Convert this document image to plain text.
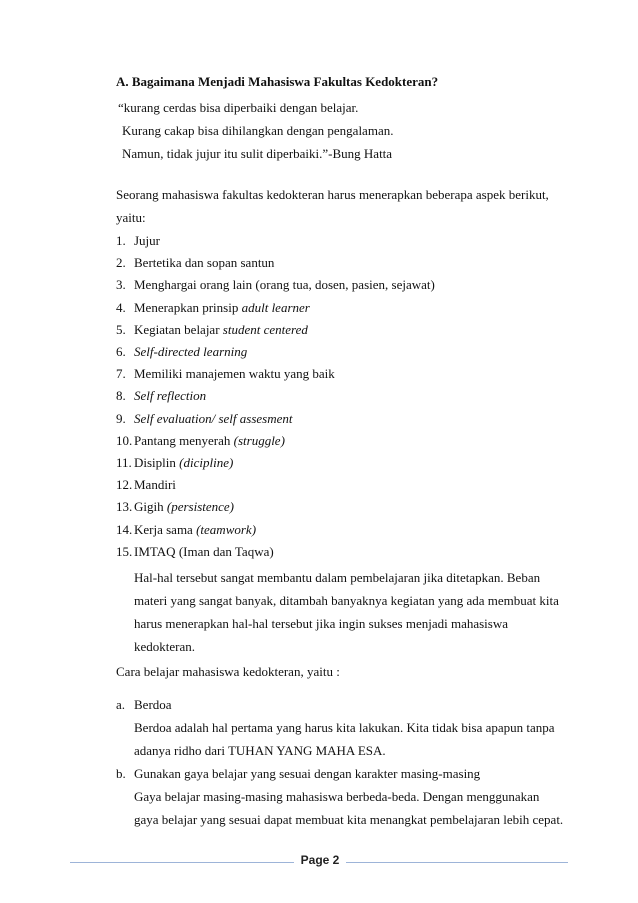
A. Bagaimana Menjadi Mahasiswa Fakultas Kedokteran?
“kurang cerdas bisa diperbaiki dengan belajar.
Kurang cakap bisa dihilangkan dengan pengalaman.
Namun, tidak jujur itu sulit diperbaiki.”-Bung Hatta
Seorang mahasiswa fakultas kedokteran harus menerapkan beberapa aspek berikut,
yaitu:
1. Jujur
2. Bertetika dan sopan santun
3. Menghargai orang lain (orang tua, dosen, pasien, sejawat)
4. Menerapkan prinsip adult learner
5. Kegiatan belajar student centered
6. Self-directed learning
7. Memiliki manajemen waktu yang baik
8. Self reflection
9. Self evaluation/ self assesment
10. Pantang menyerah (struggle)
11. Disiplin (dicipline)
12. Mandiri
13. Gigih (persistence)
14. Kerja sama (teamwork)
15. IMTAQ (Iman dan Taqwa)
Hal-hal tersebut sangat membantu dalam pembelajaran jika ditetapkan. Beban
materi yang sangat banyak, ditambah banyaknya kegiatan yang ada membuat kita
harus menerapkan hal-hal tersebut jika ingin sukses menjadi mahasiswa
kedokteran.
Cara belajar mahasiswa kedokteran, yaitu :
a. Berdoa
Berdoa adalah hal pertama yang harus kita lakukan. Kita tidak bisa apapun tanpa
adanya ridho dari TUHAN YANG MAHA ESA.
b. Gunakan gaya belajar yang sesuai dengan karakter masing-masing
Gaya belajar masing-masing mahasiswa berbeda-beda. Dengan menggunakan
gaya belajar yang sesuai dapat membuat kita menangkat pembelajaran lebih cepat.
Page 2
